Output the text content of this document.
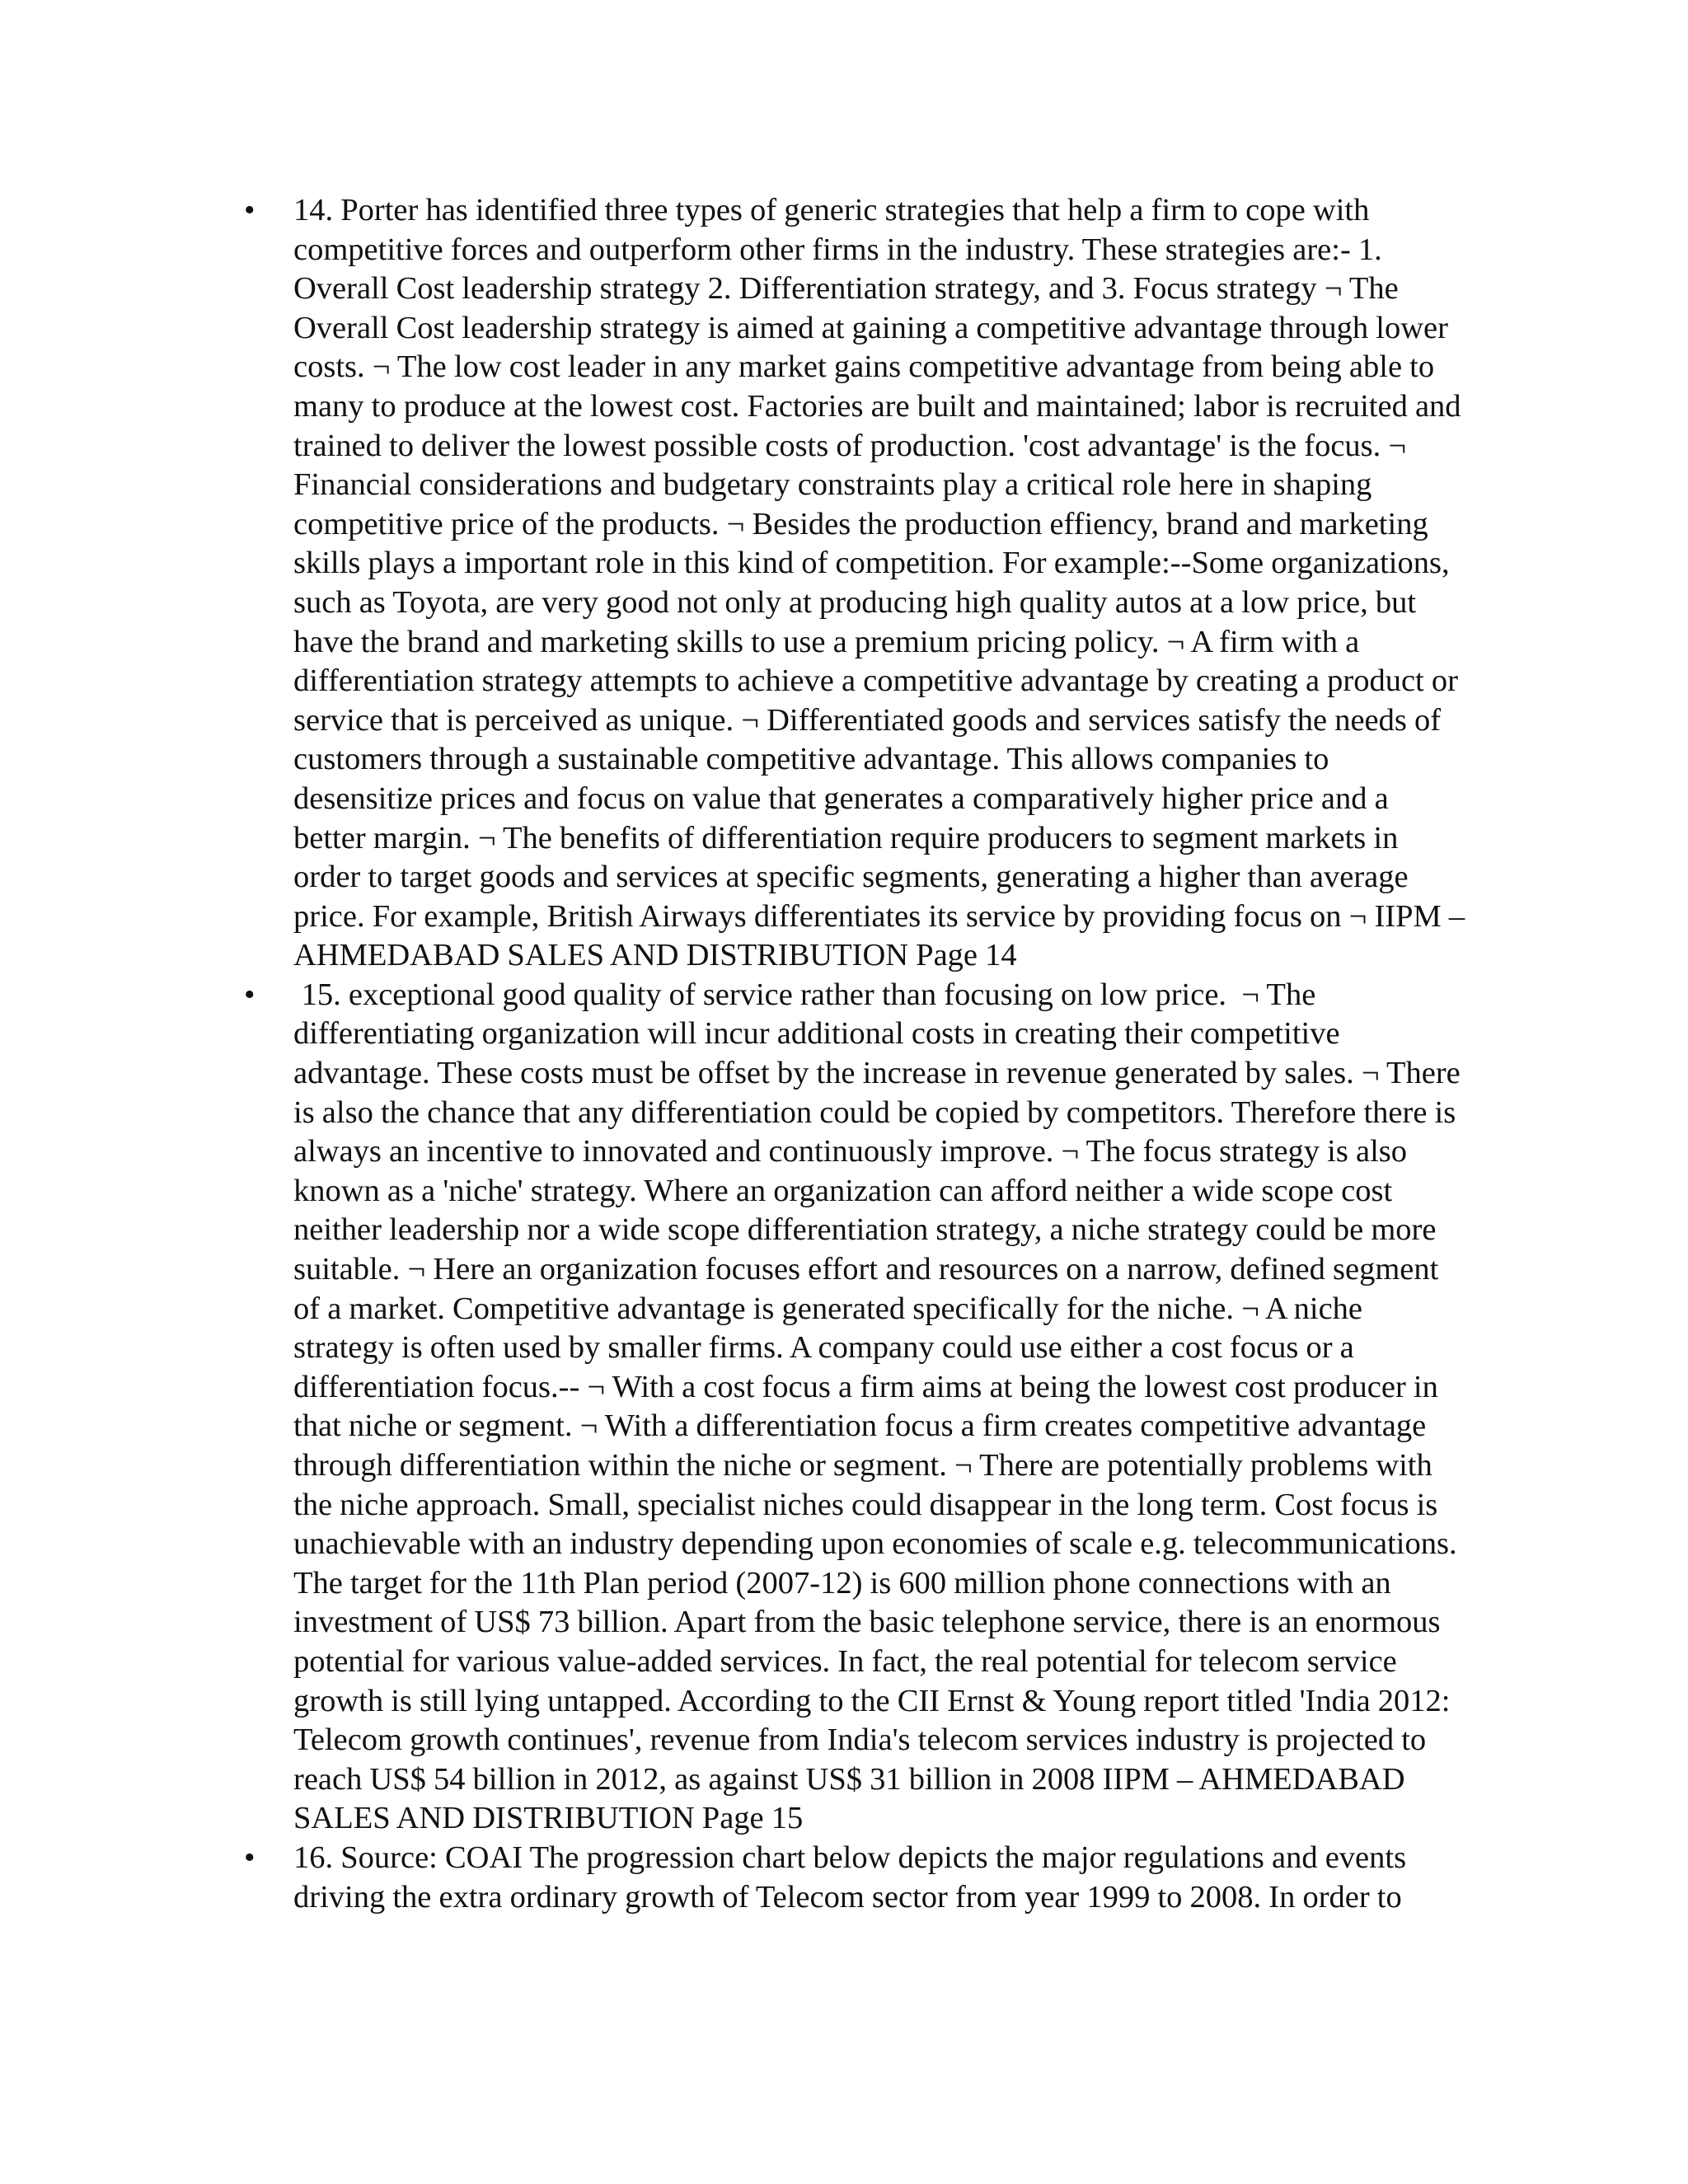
• 14. Porter has identified three types of generic strategies that help a firm to cope with competitive forces and outperform other firms in the industry. These strategies are:- 1. Overall Cost leadership strategy 2. Differentiation strategy, and 3. Focus strategy ¬ The Overall Cost leadership strategy is aimed at gaining a competitive advantage through lower costs. ¬ The low cost leader in any market gains competitive advantage from being able to many to produce at the lowest cost. Factories are built and maintained; labor is recruited and trained to deliver the lowest possible costs of production. 'cost advantage' is the focus. ¬ Financial considerations and budgetary constraints play a critical role here in shaping competitive price of the products. ¬ Besides the production effiency, brand and marketing skills plays a important role in this kind of competition. For example:--Some organizations, such as Toyota, are very good not only at producing high quality autos at a low price, but have the brand and marketing skills to use a premium pricing policy. ¬ A firm with a differentiation strategy attempts to achieve a competitive advantage by creating a product or service that is perceived as unique. ¬ Differentiated goods and services satisfy the needs of customers through a sustainable competitive advantage. This allows companies to desensitize prices and focus on value that generates a comparatively higher price and a better margin. ¬ The benefits of differentiation require producers to segment markets in order to target goods and services at specific segments, generating a higher than average price. For example, British Airways differentiates its service by providing focus on ¬ IIPM – AHMEDABAD SALES AND DISTRIBUTION Page 14
• 15. exceptional good quality of service rather than focusing on low price.  ¬ The differentiating organization will incur additional costs in creating their competitive advantage. These costs must be offset by the increase in revenue generated by sales. ¬ There is also the chance that any differentiation could be copied by competitors. Therefore there is always an incentive to innovated and continuously improve. ¬ The focus strategy is also known as a 'niche' strategy. Where an organization can afford neither a wide scope cost neither leadership nor a wide scope differentiation strategy, a niche strategy could be more suitable. ¬ Here an organization focuses effort and resources on a narrow, defined segment of a market. Competitive advantage is generated specifically for the niche. ¬ A niche strategy is often used by smaller firms. A company could use either a cost focus or a differentiation focus.-- ¬ With a cost focus a firm aims at being the lowest cost producer in that niche or segment. ¬ With a differentiation focus a firm creates competitive advantage through differentiation within the niche or segment. ¬ There are potentially problems with the niche approach. Small, specialist niches could disappear in the long term. Cost focus is unachievable with an industry depending upon economies of scale e.g. telecommunications. The target for the 11th Plan period (2007-12) is 600 million phone connections with an investment of US$ 73 billion. Apart from the basic telephone service, there is an enormous potential for various value-added services. In fact, the real potential for telecom service growth is still lying untapped. According to the CII Ernst & Young report titled 'India 2012: Telecom growth continues', revenue from India's telecom services industry is projected to reach US$ 54 billion in 2012, as against US$ 31 billion in 2008 IIPM – AHMEDABAD SALES AND DISTRIBUTION Page 15
• 16. Source: COAI The progression chart below depicts the major regulations and events driving the extra ordinary growth of Telecom sector from year 1999 to 2008. In order to
